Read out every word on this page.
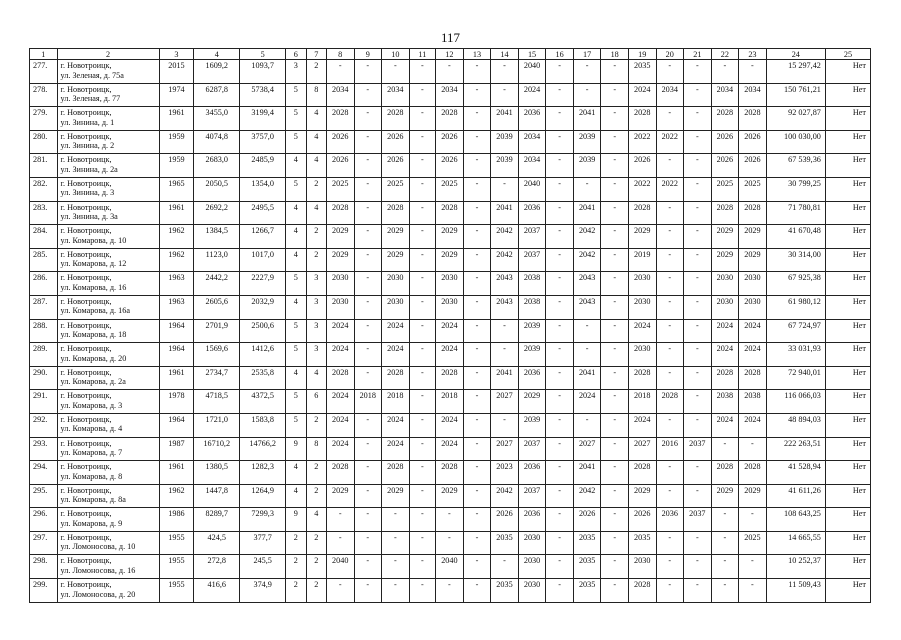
117
1	2	3	4	5	6	7	8	9	10	11	12	13	14	15	16	17	18	19	20	21	22	23	24	25
277.	г. Новотроицк,
ул. Зеленая, д. 75а	2015	1609,2	1093,7	3	2	-	-	-	-	-	-	-	2040	-	-	-	2035	-	-	-	-	15 297,42	Нет
278.	г. Новотроицк,
ул. Зеленая, д. 77	1974	6287,8	5738,4	5	8	2034	-	2034	-	2034	-	-	2024	-	-	-	2024	2034	-	2034	2034	150 761,21	Нет
279.	г. Новотроицк,
ул. Зинина, д. 1	1961	3455,0	3199,4	5	4	2028	-	2028	-	2028	-	2041	2036	-	2041	-	2028	-	-	2028	2028	92 027,87	Нет
280.	г. Новотроицк,
ул. Зинина, д. 2	1959	4074,8	3757,0	5	4	2026	-	2026	-	2026	-	2039	2034	-	2039	-	2022	2022	-	2026	2026	100 030,00	Нет
281.	г. Новотроицк,
ул. Зинина, д. 2а	1959	2683,0	2485,9	4	4	2026	-	2026	-	2026	-	2039	2034	-	2039	-	2026	-	-	2026	2026	67 539,36	Нет
282.	г. Новотроицк,
ул. Зинина, д. 3	1965	2050,5	1354,0	5	2	2025	-	2025	-	2025	-	-	2040	-	-	-	2022	2022	-	2025	2025	30 799,25	Нет
283.	г. Новотроицк,
ул. Зинина, д. 3а	1961	2692,2	2495,5	4	4	2028	-	2028	-	2028	-	2041	2036	-	2041	-	2028	-	-	2028	2028	71 780,81	Нет
284.	г. Новотроицк,
ул. Комарова, д. 10	1962	1384,5	1266,7	4	2	2029	-	2029	-	2029	-	2042	2037	-	2042	-	2029	-	-	2029	2029	41 670,48	Нет
285.	г. Новотроицк,
ул. Комарова, д. 12	1962	1123,0	1017,0	4	2	2029	-	2029	-	2029	-	2042	2037	-	2042	-	2019	-	-	2029	2029	30 314,00	Нет
286.	г. Новотроицк,
ул. Комарова, д. 16	1963	2442,2	2227,9	5	3	2030	-	2030	-	2030	-	2043	2038	-	2043	-	2030	-	-	2030	2030	67 925,38	Нет
287.	г. Новотроицк,
ул. Комарова, д. 16а	1963	2605,6	2032,9	4	3	2030	-	2030	-	2030	-	2043	2038	-	2043	-	2030	-	-	2030	2030	61 980,12	Нет
288.	г. Новотроицк,
ул. Комарова, д. 18	1964	2701,9	2500,6	5	3	2024	-	2024	-	2024	-	-	2039	-	-	-	2024	-	-	2024	2024	67 724,97	Нет
289.	г. Новотроицк,
ул. Комарова, д. 20	1964	1569,6	1412,6	5	3	2024	-	2024	-	2024	-	-	2039	-	-	-	2030	-	-	2024	2024	33 031,93	Нет
290.	г. Новотроицк,
ул. Комарова, д. 2а	1961	2734,7	2535,8	4	4	2028	-	2028	-	2028	-	2041	2036	-	2041	-	2028	-	-	2028	2028	72 940,01	Нет
291.	г. Новотроицк,
ул. Комарова, д. 3	1978	4718,5	4372,5	5	6	2024	2018	2018	-	2018	-	2027	2029	-	2024	-	2018	2028	-	2038	2038	116 066,03	Нет
292.	г. Новотроицк,
ул. Комарова, д. 4	1964	1721,0	1583,8	5	2	2024	-	2024	-	2024	-	-	2039	-	-	-	2024	-	-	2024	2024	48 894,03	Нет
293.	г. Новотроицк,
ул. Комарова, д. 7	1987	16710,2	14766,2	9	8	2024	-	2024	-	2024	-	2027	2037	-	2027	-	2027	2016	2037	-	-	222 263,51	Нет
294.	г. Новотроицк,
ул. Комарова, д. 8	1961	1380,5	1282,3	4	2	2028	-	2028	-	2028	-	2023	2036	-	2041	-	2028	-	-	2028	2028	41 528,94	Нет
295.	г. Новотроицк,
ул. Комарова, д. 8а	1962	1447,8	1264,9	4	2	2029	-	2029	-	2029	-	2042	2037	-	2042	-	2029	-	-	2029	2029	41 611,26	Нет
296.	г. Новотроицк,
ул. Комарова, д. 9	1986	8289,7	7299,3	9	4	-	-	-	-	-	-	2026	2036	-	2026	-	2026	2036	2037	-	-	108 643,25	Нет
297.	г. Новотроицк,
ул. Ломоносова, д. 10	1955	424,5	377,7	2	2	-	-	-	-	-	-	2035	2030	-	2035	-	2035	-	-	-	2025	14 665,55	Нет
298.	г. Новотроицк,
ул. Ломоносова, д. 16	1955	272,8	245,5	2	2	2040	-	-	-	2040	-	-	2030	-	2035	-	2030	-	-	-	-	10 252,37	Нет
299.	г. Новотроицк,
ул. Ломоносова, д. 20	1955	416,6	374,9	2	2	-	-	-	-	-	-	2035	2030	-	2035	-	2028	-	-	-	-	11 509,43	Нет
